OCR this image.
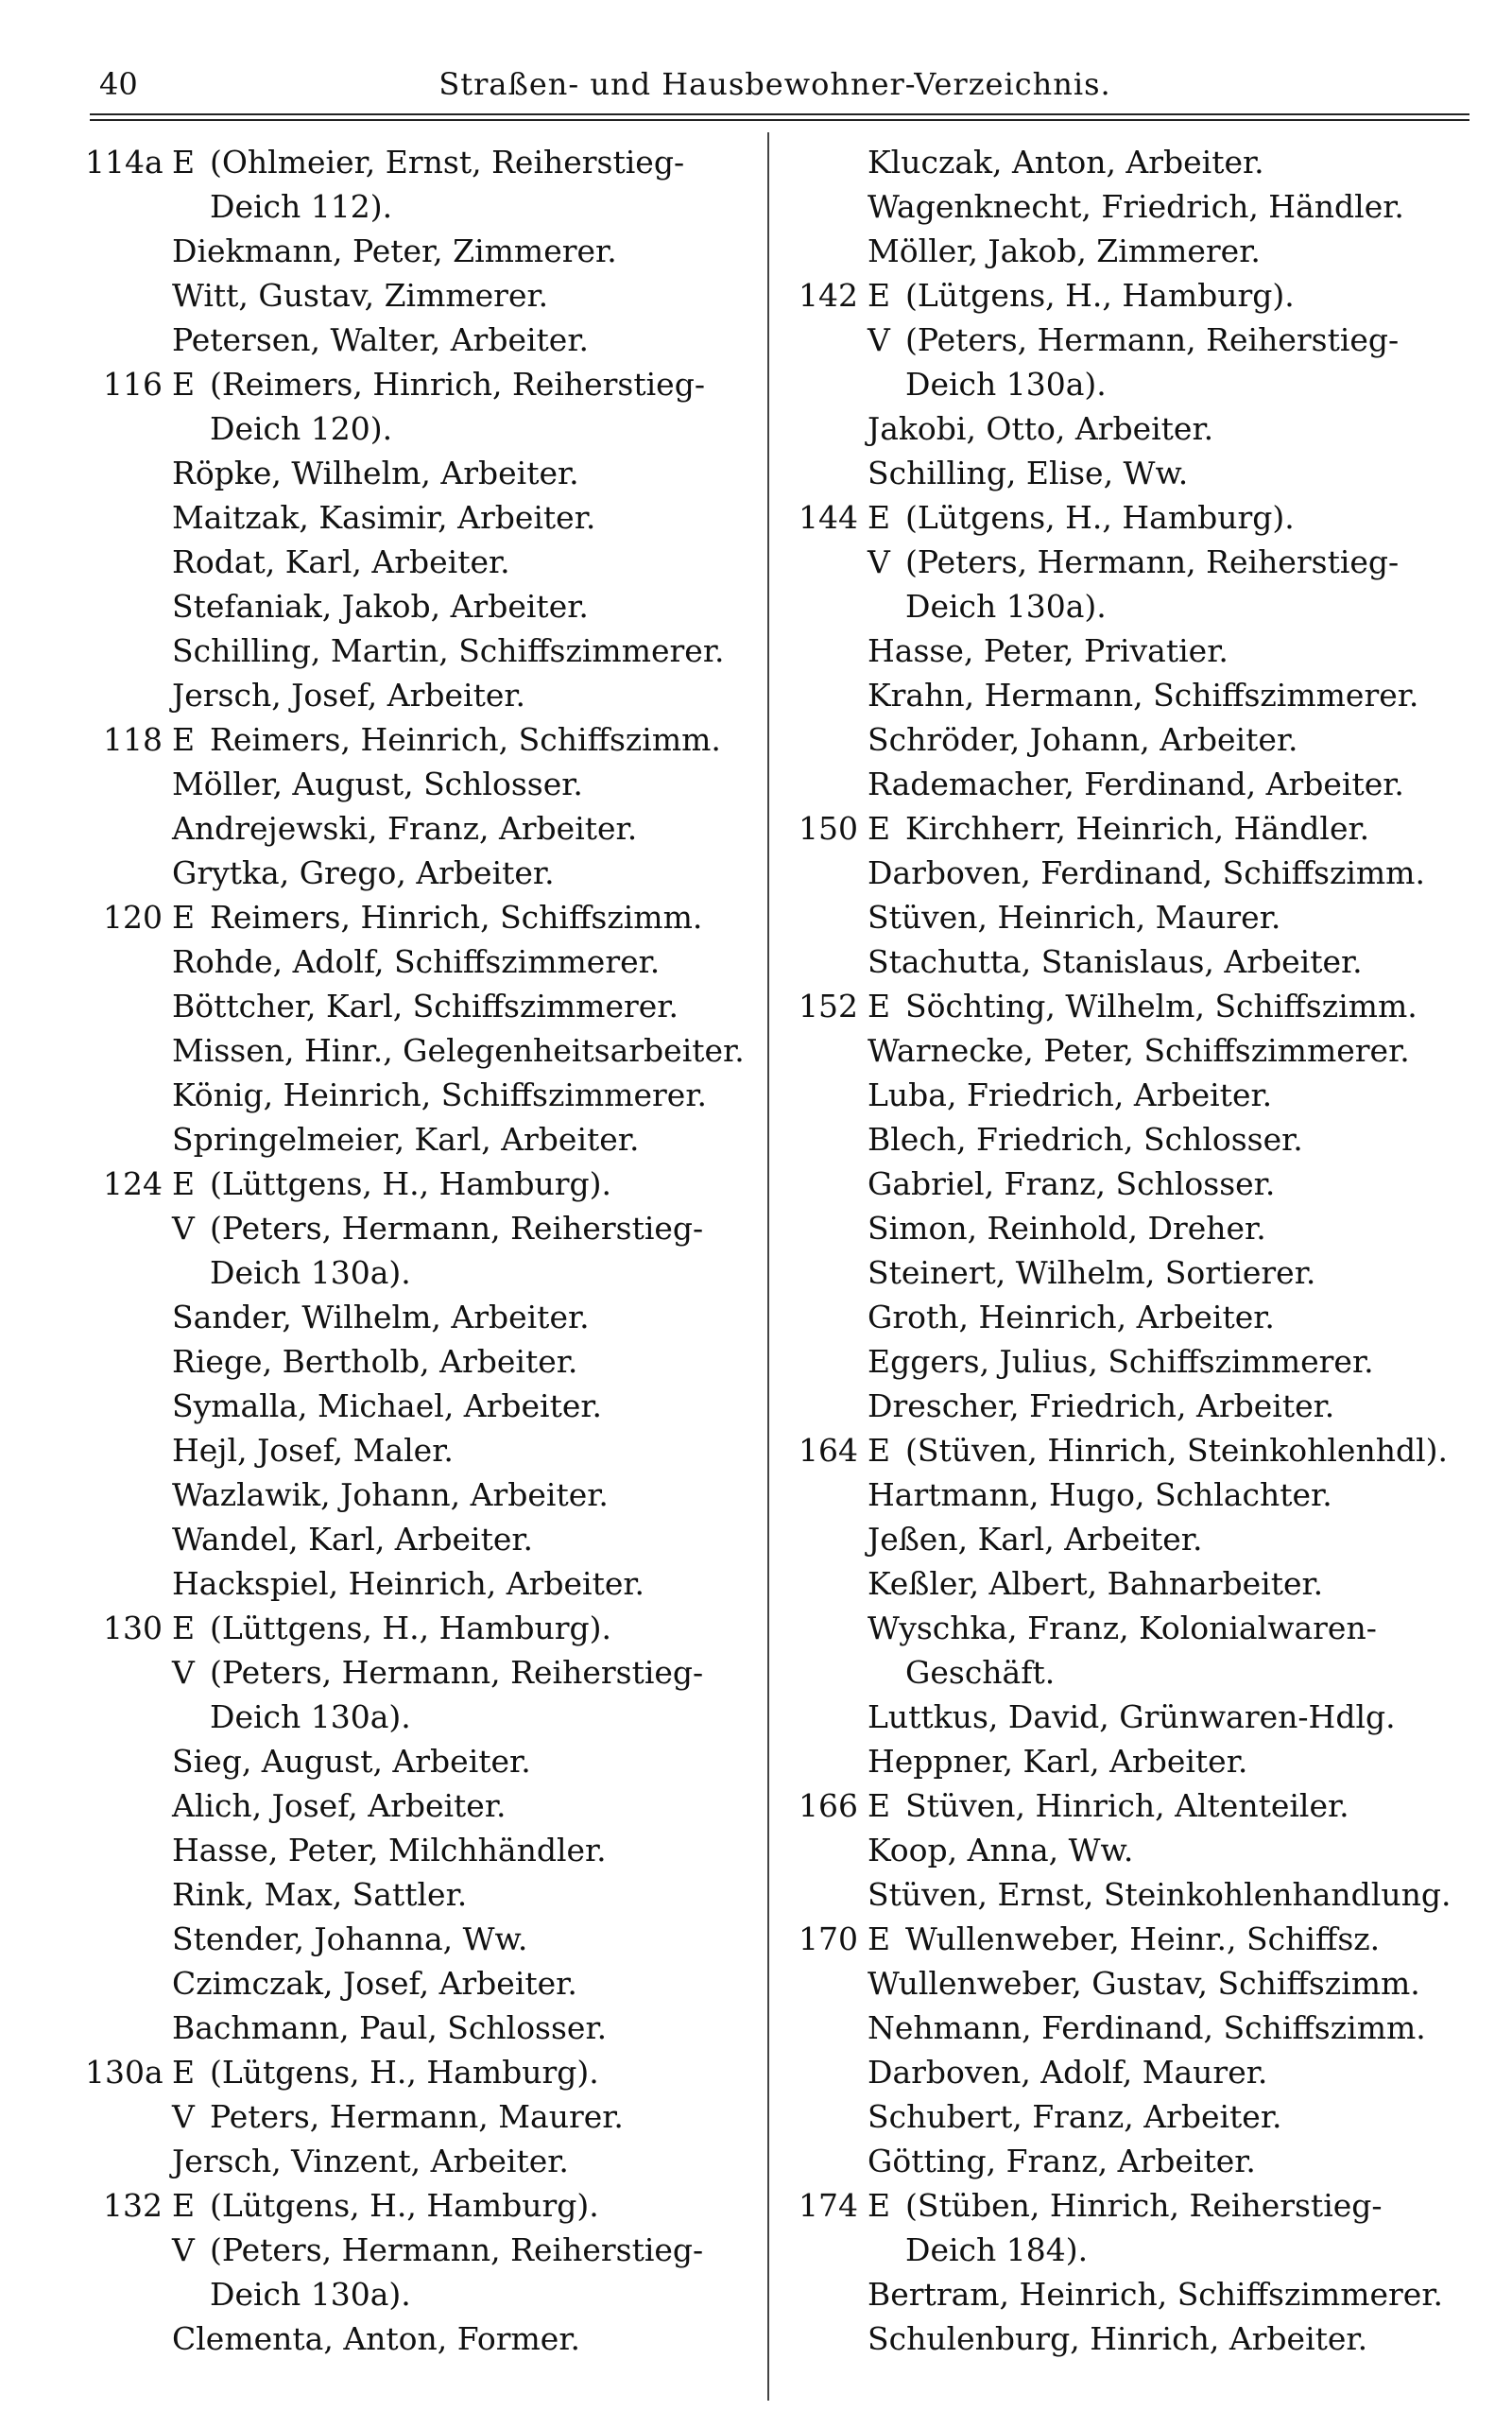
40	Straßen- und Hausbewohner-Verzeichnis.
114a E (Ohlmeier, Ernst, Reiherstieg-
Deich 112).
Diekmann, Peter, Zimmerer.
Witt, Gustav, Zimmerer.
Petersen, Walter, Arbeiter.
116 E (Reimers, Hinrich, Reiherstieg-
Deich 120).
Röpke, Wilhelm, Arbeiter.
Maitzak, Kasimir, Arbeiter.
Rodat, Karl, Arbeiter.
Stefaniak, Jakob, Arbeiter.
Schilling, Martin, Schiffszimmerer.
Jersch, Josef, Arbeiter.
118 E Reimers, Heinrich, Schiffszimm.
Möller, August, Schlosser.
Andrejewski, Franz, Arbeiter.
Grytka, Grego, Arbeiter.
120 E Reimers, Hinrich, Schiffszimm.
Rohde, Adolf, Schiffszimmerer.
Böttcher, Karl, Schiffszimmerer.
Missen, Hinr., Gelegenheitsarbeiter.
König, Heinrich, Schiffszimmerer.
Springelmeier, Karl, Arbeiter.
124 E (Lüttgens, H., Hamburg).
V (Peters, Hermann, Reiherstieg-
Deich 130a).
Sander, Wilhelm, Arbeiter.
Riege, Bertholb, Arbeiter.
Symalla, Michael, Arbeiter.
Hejl, Josef, Maler.
Wazlawik, Johann, Arbeiter.
Wandel, Karl, Arbeiter.
Hackspiel, Heinrich, Arbeiter.
130 E (Lüttgens, H., Hamburg).
V (Peters, Hermann, Reiherstieg-
Deich 130a).
Sieg, August, Arbeiter.
Alich, Josef, Arbeiter.
Hasse, Peter, Milchhändler.
Rink, Max, Sattler.
Stender, Johanna, Ww.
Czimczak, Josef, Arbeiter.
Bachmann, Paul, Schlosser.
130a E (Lütgens, H., Hamburg).
V Peters, Hermann, Maurer.
Jersch, Vinzent, Arbeiter.
132 E (Lütgens, H., Hamburg).
V (Peters, Hermann, Reiherstieg-
Deich 130a).
Clementa, Anton, Former.
Kluczak, Anton, Arbeiter.
Wagenknecht, Friedrich, Händler.
Möller, Jakob, Zimmerer.
142 E (Lütgens, H., Hamburg).
V (Peters, Hermann, Reiherstieg-
Deich 130a).
Jakobi, Otto, Arbeiter.
Schilling, Elise, Ww.
144 E (Lütgens, H., Hamburg).
V (Peters, Hermann, Reiherstieg-
Deich 130a).
Hasse, Peter, Privatier.
Krahn, Hermann, Schiffszimmerer.
Schröder, Johann, Arbeiter.
Rademacher, Ferdinand, Arbeiter.
150 E Kirchherr, Heinrich, Händler.
Darboven, Ferdinand, Schiffszimm.
Stüven, Heinrich, Maurer.
Stachutta, Stanislaus, Arbeiter.
152 E Söchting, Wilhelm, Schiffszimm.
Warnecke, Peter, Schiffszimmerer.
Luba, Friedrich, Arbeiter.
Blech, Friedrich, Schlosser.
Gabriel, Franz, Schlosser.
Simon, Reinhold, Dreher.
Steinert, Wilhelm, Sortierer.
Groth, Heinrich, Arbeiter.
Eggers, Julius, Schiffszimmerer.
Drescher, Friedrich, Arbeiter.
164 E (Stüven, Hinrich, Steinkohlenhdl).
Hartmann, Hugo, Schlachter.
Jeßen, Karl, Arbeiter.
Keßler, Albert, Bahnarbeiter.
Wyschka, Franz, Kolonialwaren-
Geschäft.
Luttkus, David, Grünwaren-Hdlg.
Heppner, Karl, Arbeiter.
166 E Stüven, Hinrich, Altenteiler.
Koop, Anna, Ww.
Stüven, Ernst, Steinkohlenhandlung.
170 E Wullenweber, Heinr., Schiffsz.
Wullenweber, Gustav, Schiffszimm.
Nehmann, Ferdinand, Schiffszimm.
Darboven, Adolf, Maurer.
Schubert, Franz, Arbeiter.
Götting, Franz, Arbeiter.
174 E (Stüben, Hinrich, Reiherstieg-
Deich 184).
Bertram, Heinrich, Schiffszimmerer.
Schulenburg, Hinrich, Arbeiter.
